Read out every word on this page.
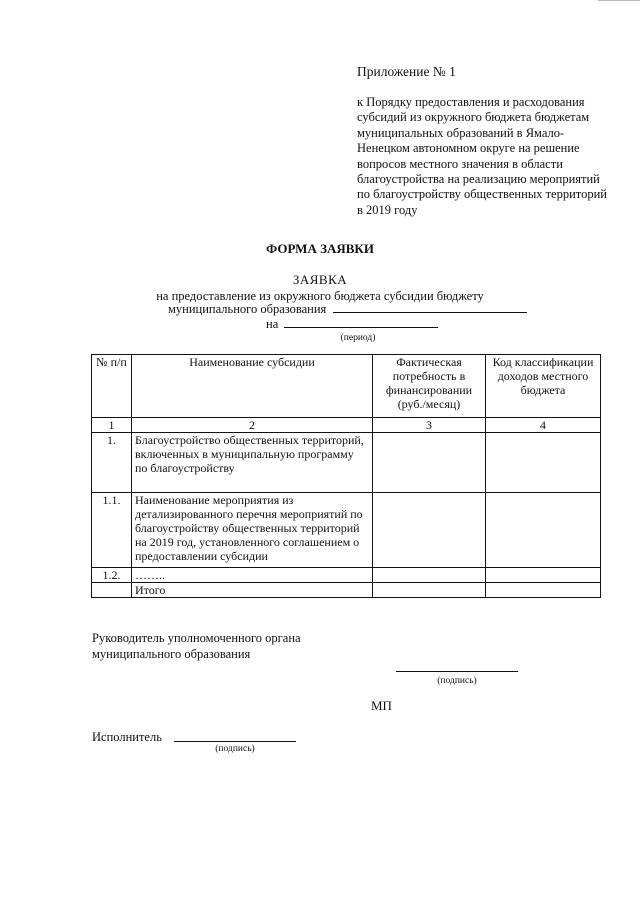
Приложение № 1
к Порядку предоставления и расходования субсидий из окружного бюджета бюджетам муниципальных образований в Ямало-Ненецком автономном округе на решение вопросов местного значения в области благоустройства на реализацию мероприятий по благоустройству общественных территорий в 2019 году
ФОРМА ЗАЯВКИ
ЗАЯВКА
на предоставление из окружного бюджета субсидии бюджету
муниципального образования
на
(период)
№ п/п	Наименование субсидии	Фактическая потребность в финансировании (руб./месяц)	Код классификации доходов местного бюджета
1	2	3	4
1.	Благоустройство общественных территорий, включенных в муниципальную программу по благоустройству		
1.1.	Наименование мероприятия из детализированного перечня мероприятий по благоустройству общественных территорий на 2019 год, установленного соглашением о предоставлении субсидии		
1.2.	……..		
	Итого		
Руководитель уполномоченного органа муниципального образования
(подпись)
МП
Исполнитель
(подпись)
